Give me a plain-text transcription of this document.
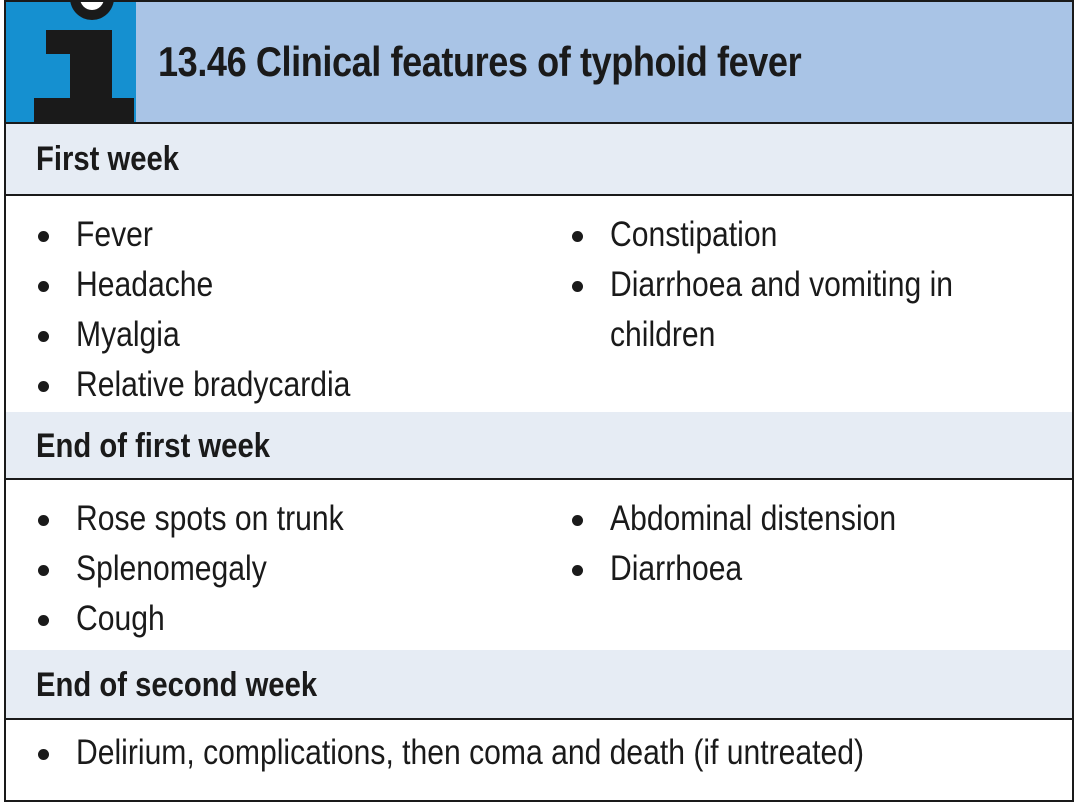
13.46 Clinical features of typhoid fever
First week
Fever
Headache
Myalgia
Relative bradycardia
Constipation
Diarrhoea and vomiting in children
End of first week
Rose spots on trunk
Splenomegaly
Cough
Abdominal distension
Diarrhoea
End of second week
Delirium, complications, then coma and death (if untreated)
